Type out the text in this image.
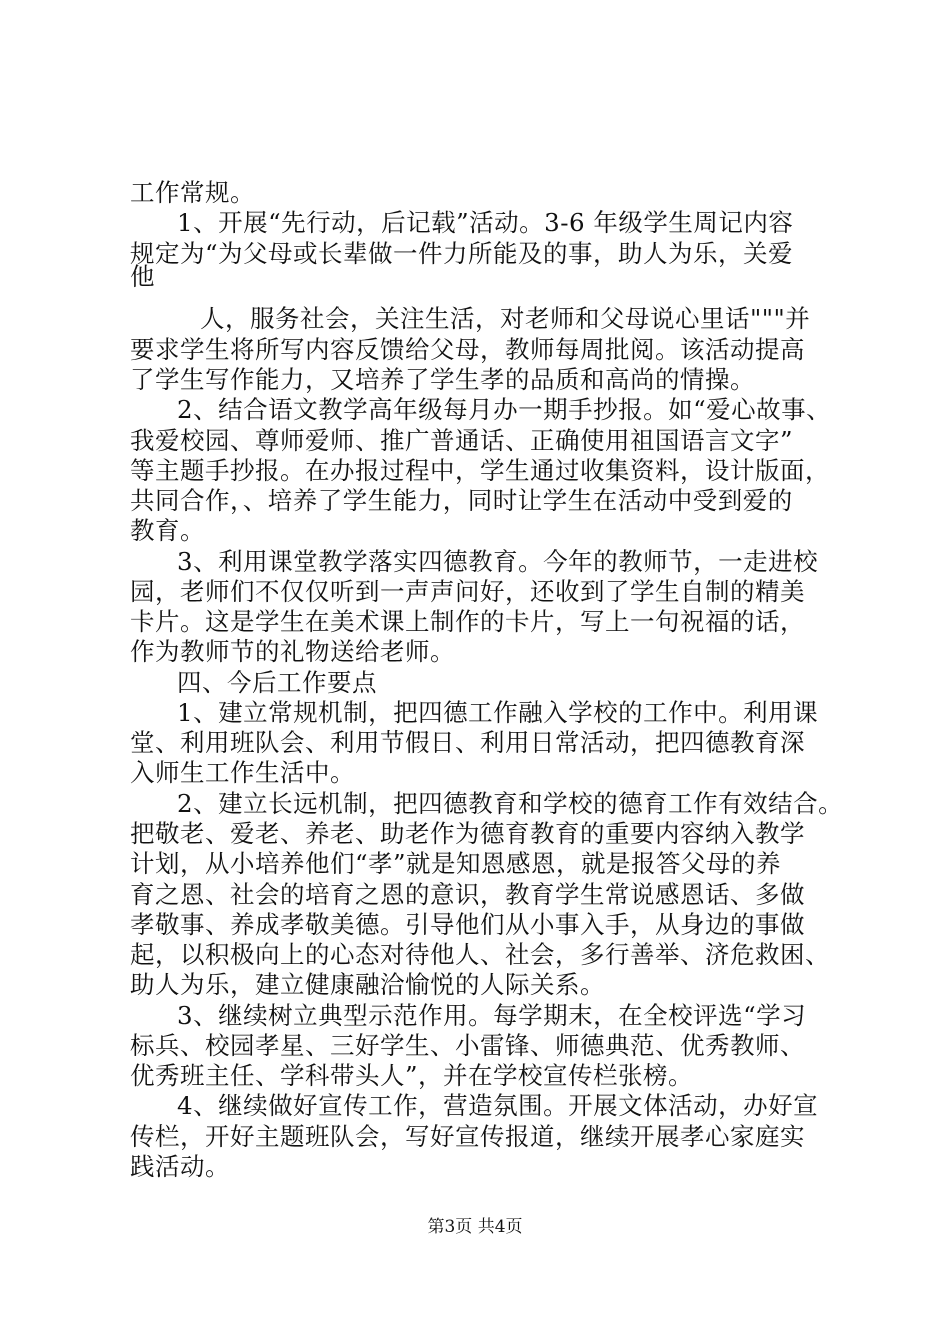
工作常规。
1、开展“先行动，后记载”活动。3-6 年级学生周记内容
规定为“为父母或长辈做一件力所能及的事，助人为乐，关爱
他
人，服务社会，关注生活，对老师和父母说心里话"""并
要求学生将所写内容反馈给父母，教师每周批阅。该活动提高
了学生写作能力，又培养了学生孝的品质和高尚的情操。
2、结合语文教学高年级每月办一期手抄报。如“爱心故事、
我爱校园、尊师爱师、推广普通话、正确使用祖国语言文字”
等主题手抄报。在办报过程中，学生通过收集资料，设计版面，
共同合作，、培养了学生能力，同时让学生在活动中受到爱的
教育。
3、利用课堂教学落实四德教育。今年的教师节，一走进校
园，老师们不仅仅听到一声声问好，还收到了学生自制的精美
卡片。这是学生在美术课上制作的卡片，写上一句祝福的话，
作为教师节的礼物送给老师。
四、今后工作要点
1、建立常规机制，把四德工作融入学校的工作中。利用课
堂、利用班队会、利用节假日、利用日常活动，把四德教育深
入师生工作生活中。
2、建立长远机制，把四德教育和学校的德育工作有效结合。
把敬老、爱老、养老、助老作为德育教育的重要内容纳入教学
计划，从小培养他们“孝”就是知恩感恩，就是报答父母的养
育之恩、社会的培育之恩的意识，教育学生常说感恩话、多做
孝敬事、养成孝敬美德。引导他们从小事入手，从身边的事做
起，以积极向上的心态对待他人、社会，多行善举、济危救困、
助人为乐，建立健康融洽愉悦的人际关系。
3、继续树立典型示范作用。每学期末，在全校评选“学习
标兵、校园孝星、三好学生、小雷锋、师德典范、优秀教师、
优秀班主任、学科带头人”，并在学校宣传栏张榜。
4、继续做好宣传工作，营造氛围。开展文体活动，办好宣
传栏，开好主题班队会，写好宣传报道，继续开展孝心家庭实
践活动。
第3页 共4页
